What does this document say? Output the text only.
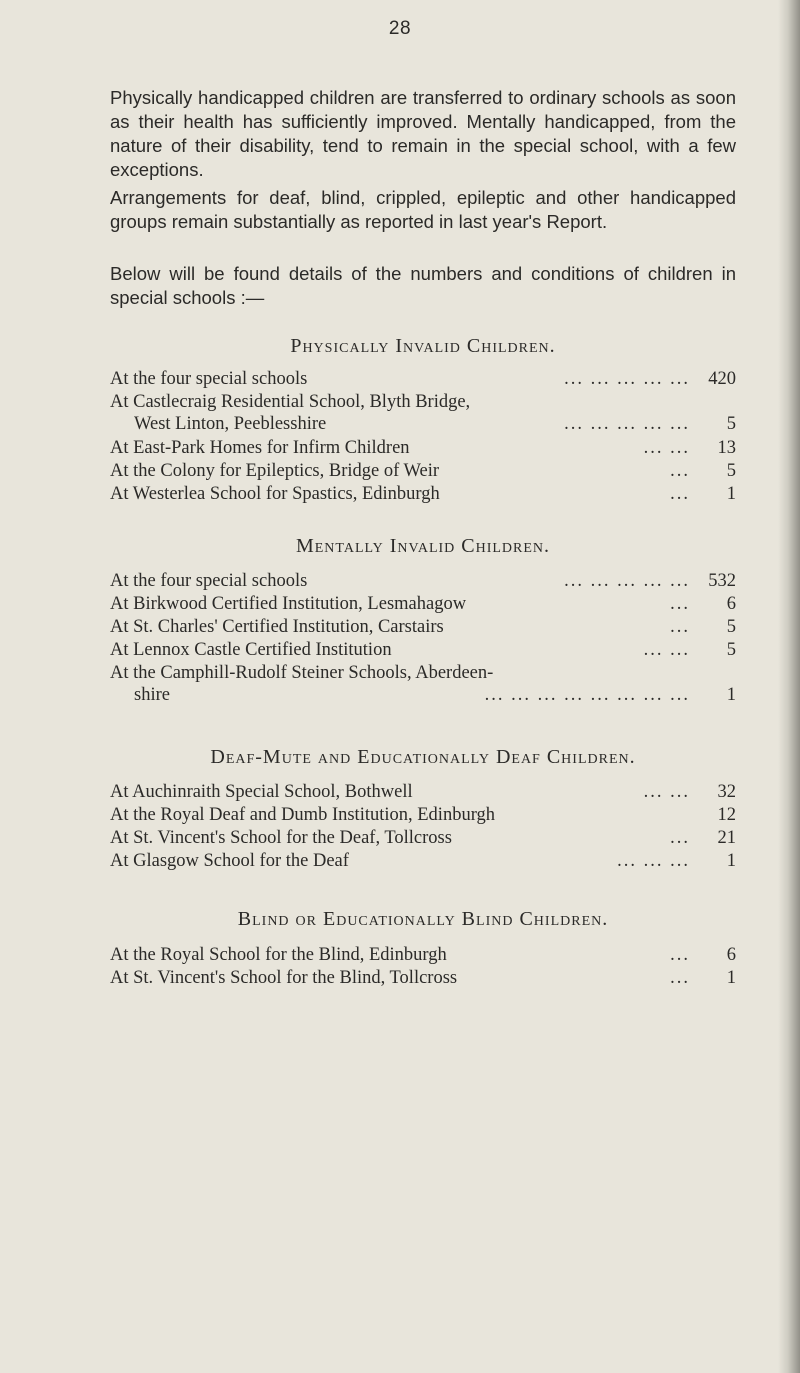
28

Physically handicapped children are transferred to ordinary schools as soon as their health has sufficiently improved. Mentally handicapped, from the nature of their disability, tend to remain in the special school, with a few exceptions.

Arrangements for deaf, blind, crippled, epileptic and other handicapped groups remain substantially as reported in last year's Report.

Below will be found details of the numbers and conditions of children in special schools :—

Physically Invalid Children.
At the four special schools	... ... ... ... ... 420
At Castlecraig Residential School, Blyth Bridge,
West Linton, Peeblesshire	... ... ... ... ...	5
At East-Park Homes for Infirm Children	... ...	13
At the Colony for Epileptics, Bridge of Weir	...	5
At Westerlea School for Spastics, Edinburgh	...	1
Mentally Invalid Children.
At the four special schools	... ... ... ... ... 532
At Birkwood Certified Institution, Lesmahagow	...	6
At St. Charles' Certified Institution, Carstairs	...	5
At Lennox Castle Certified Institution	... ...	5
At the Camphill-Rudolf Steiner Schools, Aberdeen-
shire	... ... ... ... ... ... ... ...	1
Deaf-Mute and Educationally Deaf Children.
At Auchinraith Special School, Bothwell	... ...	32
At the Royal Deaf and Dumb Institution, Edinburgh	12
At St. Vincent's School for the Deaf, Tollcross	...	21
At Glasgow School for the Deaf	... ... ...	1
Blind or Educationally Blind Children.
At the Royal School for the Blind, Edinburgh	...	6
At St. Vincent's School for the Blind, Tollcross	...	1
